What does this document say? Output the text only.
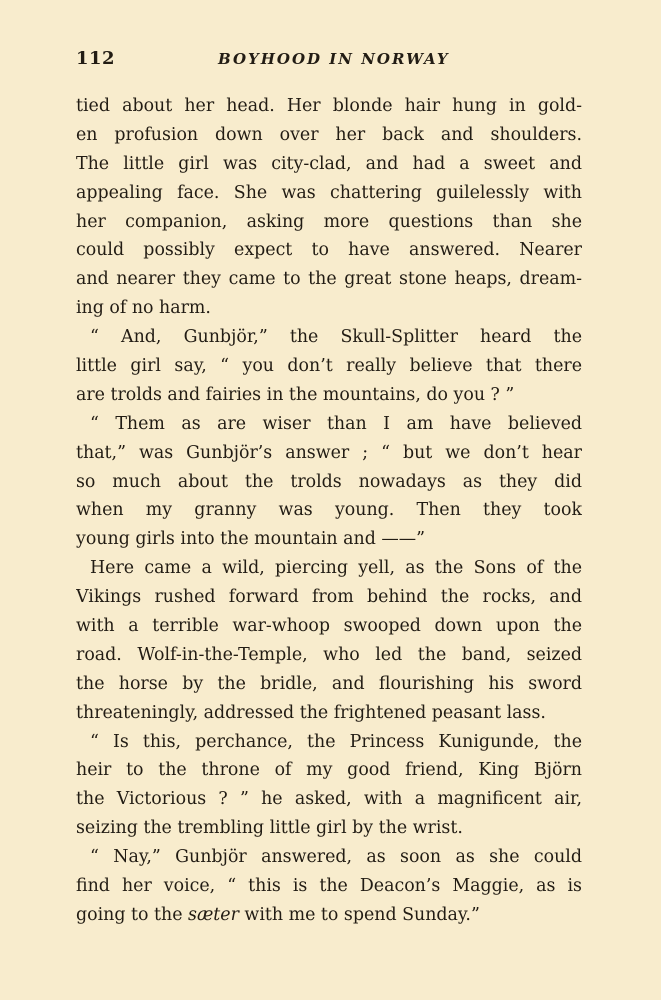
112	BOYHOOD IN NORWAY
tied about her head. Her blonde hair hung in gold-
en profusion down over her back and shoulders.
The little girl was city-clad, and had a sweet and
appealing face. She was chattering guilelessly with
her companion, asking more questions than she
could possibly expect to have answered. Nearer
and nearer they came to the great stone heaps, dream-
ing of no harm.
“ And, Gunbjör,” the Skull-Splitter heard the
little girl say, “ you don’t really believe that there
are trolds and fairies in the mountains, do you ? ”
“ Them as are wiser than I am have believed
that,” was Gunbjör’s answer ; “ but we don’t hear
so much about the trolds nowadays as they did
when my granny was young. Then they took
young girls into the mountain and ——”
Here came a wild, piercing yell, as the Sons of the
Vikings rushed forward from behind the rocks, and
with a terrible war-whoop swooped down upon the
road. Wolf-in-the-Temple, who led the band, seized
the horse by the bridle, and flourishing his sword
threateningly, addressed the frightened peasant lass.
“ Is this, perchance, the Princess Kunigunde, the
heir to the throne of my good friend, King Björn
the Victorious ? ” he asked, with a magnificent air,
seizing the trembling little girl by the wrist.
“ Nay,” Gunbjör answered, as soon as she could
find her voice, “ this is the Deacon’s Maggie, as is
going to the sæter with me to spend Sunday.”
